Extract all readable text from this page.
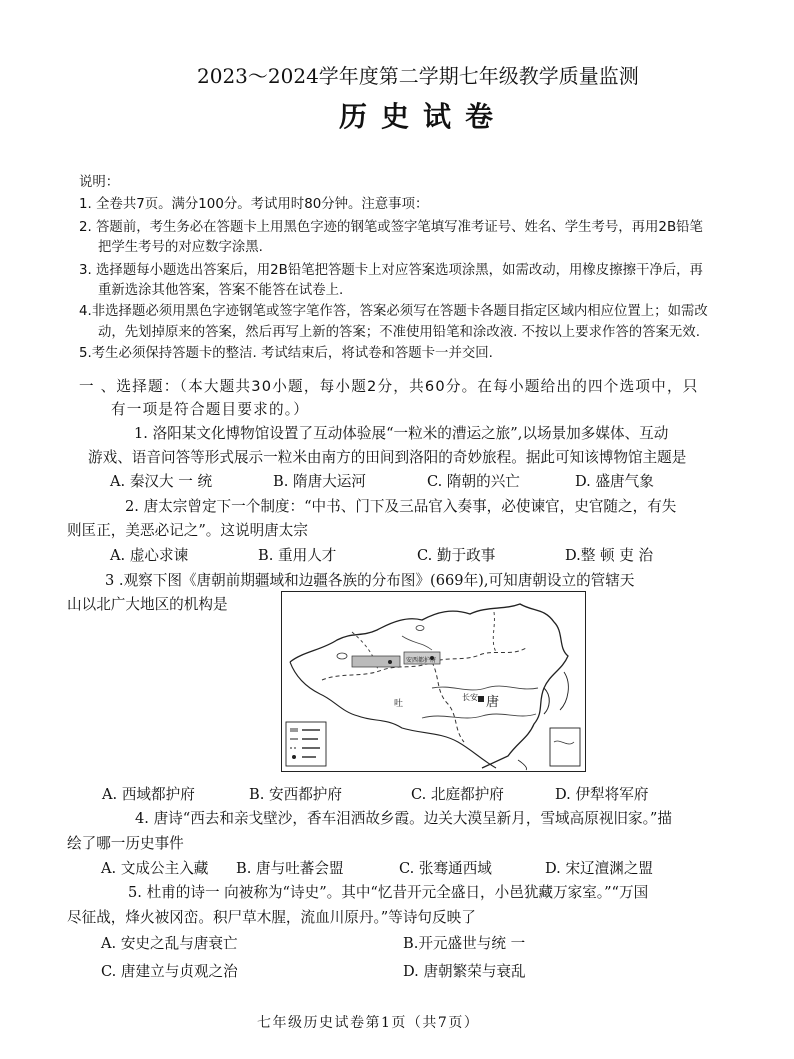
2023～2024学年度第二学期七年级教学质量监测
历史试卷
说明：
1. 全卷共7页。满分100分。考试用时80分钟。注意事项：
2. 答题前，考生务必在答题卡上用黑色字迹的钢笔或签字笔填写准考证号、姓名、学生考号，再用2B铅笔
把学生考号的对应数字涂黑.
3. 选择题每小题选出答案后，用2B铅笔把答题卡上对应答案选项涂黑，如需改动，用橡皮擦擦干净后，再
重新选涂其他答案，答案不能答在试卷上.
4.非选择题必须用黑色字迹钢笔或签字笔作答，答案必须写在答题卡各题目指定区域内相应位置上；如需改
动，先划掉原来的答案，然后再写上新的答案；不准使用铅笔和涂改液. 不按以上要求作答的答案无效.
5.考生必须保持答题卡的整洁. 考试结束后，将试卷和答题卡一并交回.
一 、选择题：（本大题共30小题，每小题2分，共60分。在每小题给出的四个选项中，只
有一项是符合题目要求的。）
1. 洛阳某文化博物馆设置了互动体验展“一粒米的漕运之旅”,以场景加多媒体、互动
游戏、语音问答等形式展示一粒米由南方的田间到洛阳的奇妙旅程。据此可知该博物馆主题是
A. 秦汉大 一 统	B. 隋唐大运河	C. 隋朝的兴亡	D. 盛唐气象
2. 唐太宗曾定下一个制度：“中书、门下及三品官入奏事，必使谏官，史官随之，有失
则匡正，美恶必记之”。这说明唐太宗
A. 虚心求谏	B. 重用人才	C. 勤于政事	D.整 顿 吏 治
3 .观察下图《唐朝前期疆域和边疆各族的分布图》(669年),可知唐朝设立的管辖天
山以北广大地区的机构是
长安 唐
安西都护府
吐
A. 西域都护府	B. 安西都护府	C. 北庭都护府	D. 伊犁将军府
4. 唐诗“西去和亲戈壁沙，香车泪洒故乡霞。边关大漠呈新月，雪域高原视旧家。”描
绘了哪一历史事件
A. 文成公主入藏 B. 唐与吐蕃会盟	C. 张骞通西域	D. 宋辽澶渊之盟
5. 杜甫的诗一 向被称为“诗史”。其中“忆昔开元全盛日，小邑犹藏万家室。”“万国
尽征战，烽火被冈峦。积尸草木腥，流血川原丹。”等诗句反映了
A. 安史之乱与唐衰亡	B.开元盛世与统 一
C. 唐建立与贞观之治	D. 唐朝繁荣与衰乱
七年级历史试卷第1页（共7页）
